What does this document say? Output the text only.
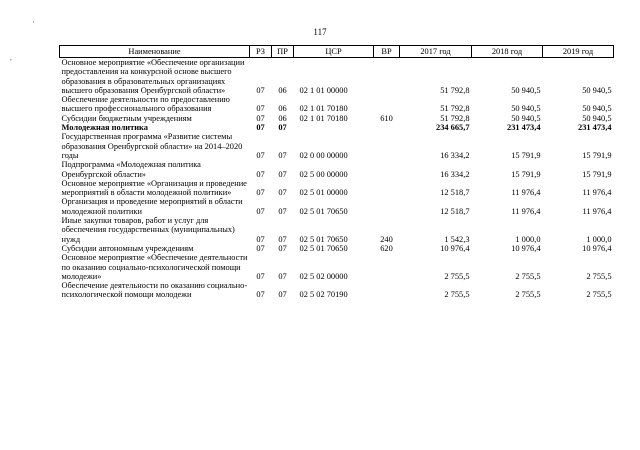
'
,
117
Наименование	РЗ	ПР	ЦСР	ВР	2017 год	2018 год	2019 год
Основное мероприятие «Обеспечение организации предоставления на конкурсной основе высшего образования в образовательных организациях высшего образования Оренбургской области»	07	06	02 1 01 00000		51 792,8	50 940,5	50 940,5
Обеспечение деятельности по предоставлению высшего профессионального образования	07	06	02 1 01 70180		51 792,8	50 940,5	50 940,5
Субсидии бюджетным учреждениям	07	06	02 1 01 70180	610	51 792,8	50 940,5	50 940,5
Молодежная политика	07	07			234 665,7	231 473,4	231 473,4
Государственная программа «Развитие системы образования Оренбургской области» на 2014–2020 годы	07	07	02 0 00 00000		16 334,2	15 791,9	15 791,9
Подпрограмма «Молодежная политика Оренбургской области»	07	07	02 5 00 00000		16 334,2	15 791,9	15 791,9
Основное мероприятие «Организация и проведение мероприятий в области молодежной политики»	07	07	02 5 01 00000		12 518,7	11 976,4	11 976,4
Организация и проведение мероприятий в области молодежной политики	07	07	02 5 01 70650		12 518,7	11 976,4	11 976,4
Иные закупки товаров, работ и услуг для обеспечения государственных (муниципальных) нужд	07	07	02 5 01 70650	240	1 542,3	1 000,0	1 000,0
Субсидии автономным учреждениям	07	07	02 5 01 70650	620	10 976,4	10 976,4	10 976,4
Основное мероприятие «Обеспечение деятельности по оказанию социально-психологической помощи молодежи»	07	07	02 5 02 00000		2 755,5	2 755,5	2 755,5
Обеспечение деятельности по оказанию социально-психологической помощи молодежи	07	07	02 5 02 70190		2 755,5	2 755,5	2 755,5
